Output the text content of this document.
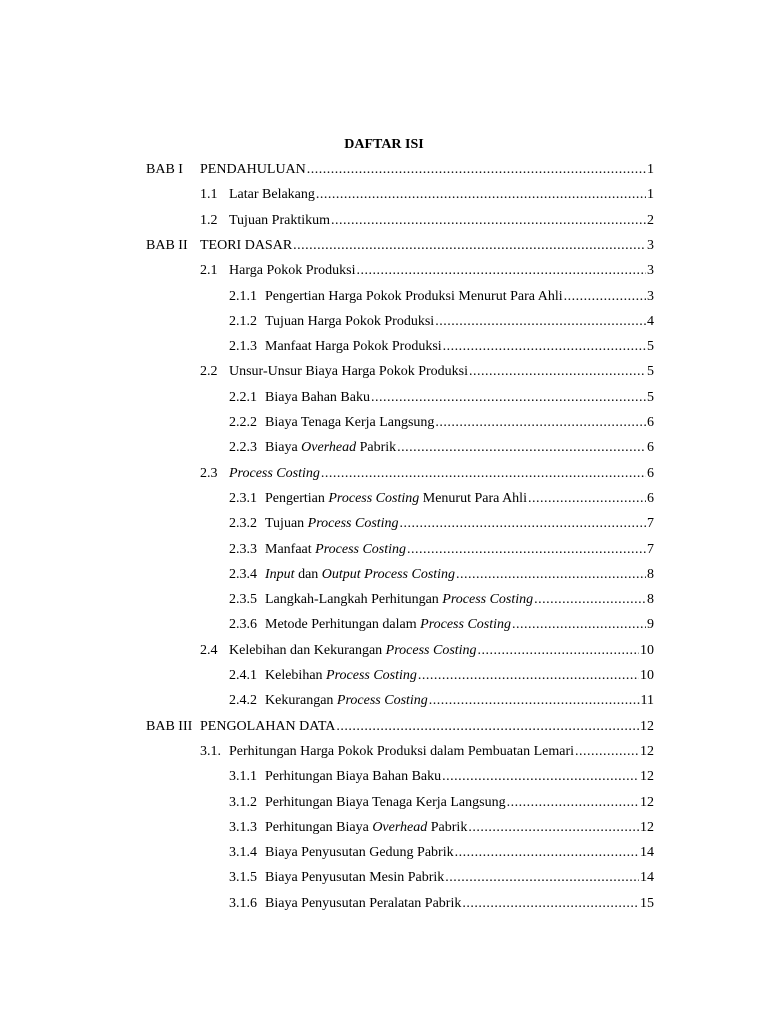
DAFTAR ISI
BAB I	PENDAHULUAN .....	1
1.1 Latar Belakang .....	1
1.2 Tujuan Praktikum .....	2
BAB II TEORI DASAR .....	3
2.1 Harga Pokok Produksi .....	3
2.1.1 Pengertian Harga Pokok Produksi Menurut Para Ahli .....	3
2.1.2 Tujuan Harga Pokok Produksi .....	4
2.1.3 Manfaat Harga Pokok Produksi .....	5
2.2 Unsur-Unsur Biaya Harga Pokok Produksi .....	5
2.2.1 Biaya Bahan Baku .....	5
2.2.2 Biaya Tenaga Kerja Langsung .....	6
2.2.3 Biaya Overhead Pabrik .....	6
2.3 Process Costing .....	6
2.3.1 Pengertian Process Costing Menurut Para Ahli .....	6
2.3.2 Tujuan Process Costing .....	7
2.3.3 Manfaat Process Costing .....	7
2.3.4 Input dan Output Process Costing .....	8
2.3.5 Langkah-Langkah Perhitungan Process Costing .....	8
2.3.6 Metode Perhitungan dalam Process Costing .....	9
2.4 Kelebihan dan Kekurangan Process Costing .....	10
2.4.1 Kelebihan Process Costing .....	10
2.4.2 Kekurangan Process Costing .....	11
BAB III PENGOLAHAN DATA .....	12
3.1. Perhitungan Harga Pokok Produksi dalam Pembuatan Lemari .....	12
3.1.1 Perhitungan Biaya Bahan Baku .....	12
3.1.2 Perhitungan Biaya Tenaga Kerja Langsung .....	12
3.1.3 Perhitungan Biaya Overhead Pabrik .....	12
3.1.4 Biaya Penyusutan Gedung Pabrik .....	14
3.1.5 Biaya Penyusutan Mesin Pabrik .....	14
3.1.6 Biaya Penyusutan Peralatan Pabrik .....	15
